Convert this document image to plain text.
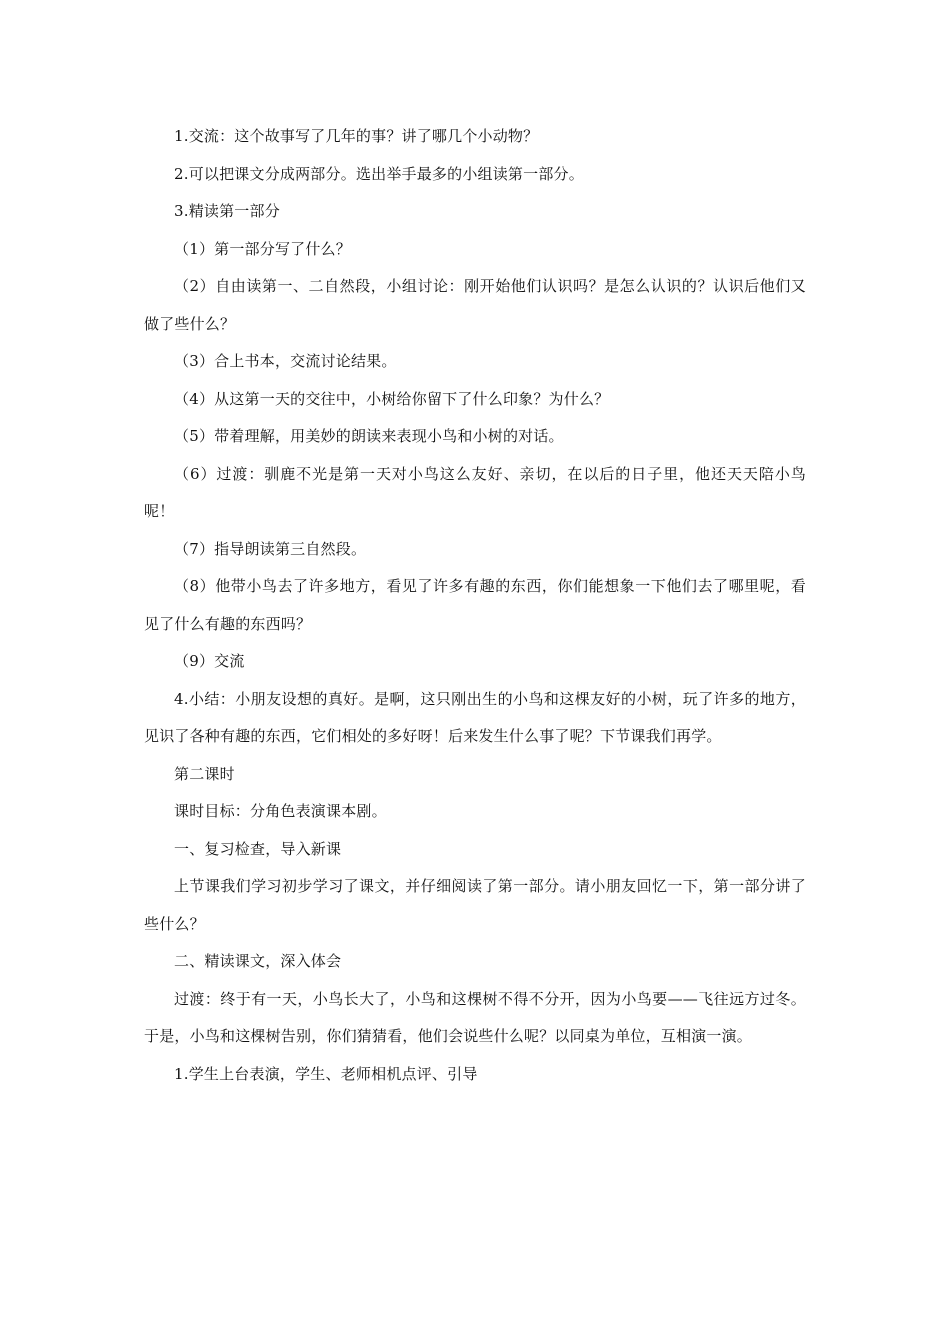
1.交流：这个故事写了几年的事？讲了哪几个小动物？

2.可以把课文分成两部分。选出举手最多的小组读第一部分。

3.精读第一部分

（1）第一部分写了什么？

（2）自由读第一、二自然段，小组讨论：刚开始他们认识吗？是怎么认识的？认识后他们又做了些什么？

（3）合上书本，交流讨论结果。

（4）从这第一天的交往中，小树给你留下了什么印象？为什么？

（5）带着理解，用美妙的朗读来表现小鸟和小树的对话。

（6）过渡：驯鹿不光是第一天对小鸟这么友好、亲切，在以后的日子里，他还天天陪小鸟呢！

（7）指导朗读第三自然段。

（8）他带小鸟去了许多地方，看见了许多有趣的东西，你们能想象一下他们去了哪里呢，看见了什么有趣的东西吗？

（9）交流

4.小结：小朋友设想的真好。是啊，这只刚出生的小鸟和这棵友好的小树，玩了许多的地方，见识了各种有趣的东西，它们相处的多好呀！后来发生什么事了呢？下节课我们再学。

第二课时

课时目标：分角色表演课本剧。

一、复习检查，导入新课

上节课我们学习初步学习了课文，并仔细阅读了第一部分。请小朋友回忆一下，第一部分讲了些什么？

二、精读课文，深入体会

过渡：终于有一天，小鸟长大了，小鸟和这棵树不得不分开，因为小鸟要——飞往远方过冬。于是，小鸟和这棵树告别，你们猜猜看，他们会说些什么呢？以同桌为单位，互相演一演。

1.学生上台表演，学生、老师相机点评、引导
